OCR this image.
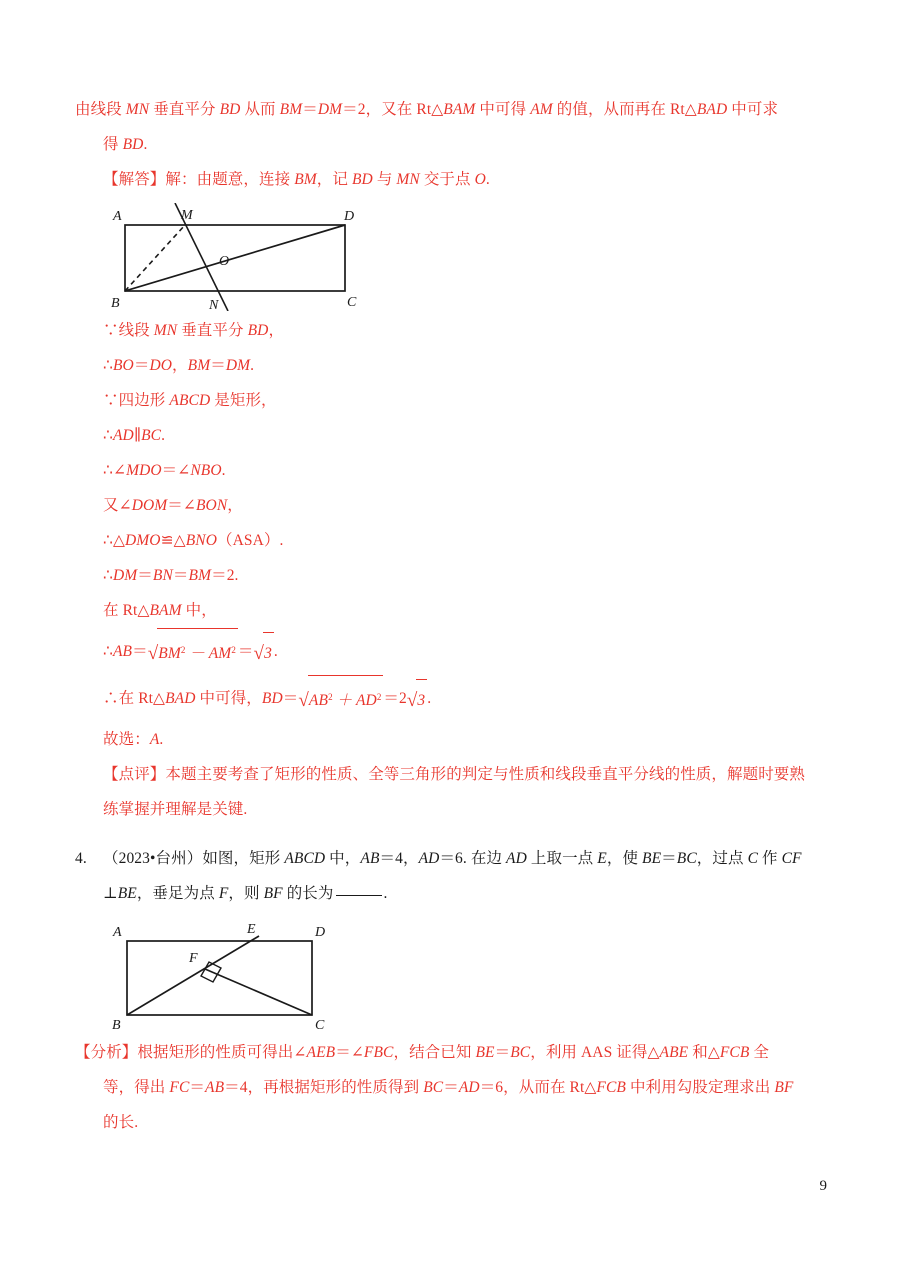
由线段 MN 垂直平分 BD 从而 BM＝DM＝2，又在 Rt△BAM 中可得 AM 的值，从而再在 Rt△BAD 中可求
得 BD.
【解答】解：由题意，连接 BM，记 BD 与 MN 交于点 O.
A	M	D
B	N	C
O
∵线段 MN 垂直平分 BD，
∴BO＝DO，BM＝DM.
∵四边形 ABCD 是矩形，
∴AD∥BC.
∴∠MDO＝∠NBO.
又∠DOM＝∠BON，
∴△DMO≌△BNO（ASA）.
∴DM＝BN＝BM＝2.
在 Rt△BAM 中，
$\therefore AB=√BM^2 - AM^2 =√3$ .
∴在 Rt△BAD 中可得，$BD=√AB^2 + AD^2 =2√3$ .
故选：A.
【点评】本题主要考查了矩形的性质、全等三角形的判定与性质和线段垂直平分线的性质，解题时要熟
练掌握并理解是关键.
4. （2023•台州）如图，矩形 ABCD 中，AB＝4，AD＝6. 在边 AD 上取一点 E，使 BE＝BC，过点 C 作 CF
⊥BE，垂足为点 F，则 BF 的长为	.
A	E	D
F
B	C
【分析】根据矩形的性质可得出∠AEB＝∠FBC，结合已知 BE＝BC，利用 AAS 证得△ABE 和△FCB 全
等，得出 FC＝AB＝4，再根据矩形的性质得到 BC＝AD＝6，从而在 Rt△FCB 中利用勾股定理求出 BF
的长.
9
